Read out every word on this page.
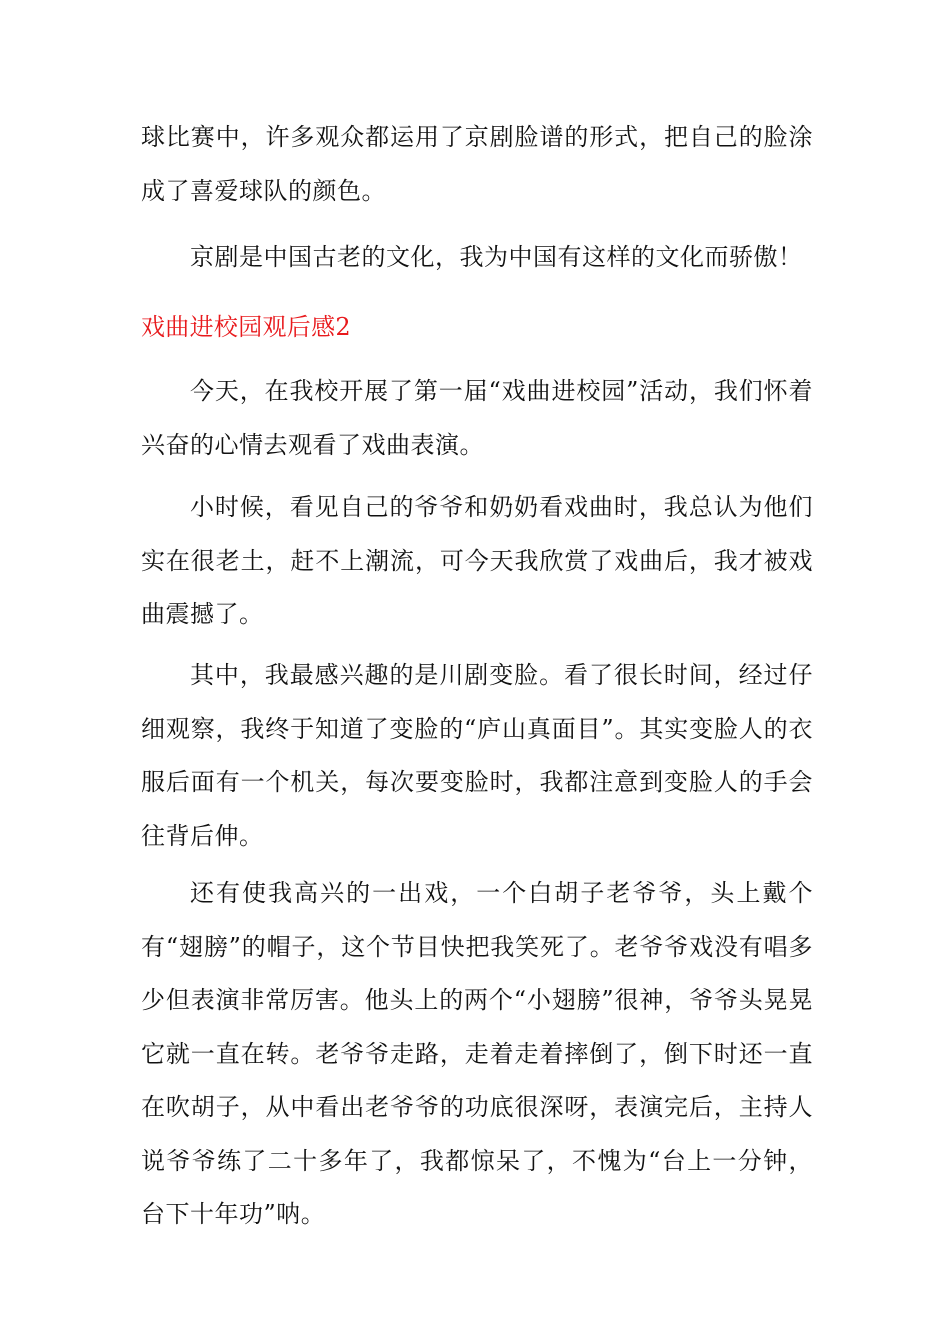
球比赛中，许多观众都运用了京剧脸谱的形式，把自己的脸涂成了喜爱球队的颜色。

京剧是中国古老的文化，我为中国有这样的文化而骄傲！

戏曲进校园观后感2

今天，在我校开展了第一届“戏曲进校园”活动，我们怀着兴奋的心情去观看了戏曲表演。

小时候，看见自己的爷爷和奶奶看戏曲时，我总认为他们实在很老土，赶不上潮流，可今天我欣赏了戏曲后，我才被戏曲震撼了。

其中，我最感兴趣的是川剧变脸。看了很长时间，经过仔细观察，我终于知道了变脸的“庐山真面目”。其实变脸人的衣服后面有一个机关，每次要变脸时，我都注意到变脸人的手会往背后伸。

还有使我高兴的一出戏，一个白胡子老爷爷，头上戴个有“翅膀”的帽子，这个节目快把我笑死了。老爷爷戏没有唱多少但表演非常厉害。他头上的两个“小翅膀”很神，爷爷头晃晃它就一直在转。老爷爷走路，走着走着摔倒了，倒下时还一直在吹胡子，从中看出老爷爷的功底很深呀，表演完后，主持人说爷爷练了二十多年了，我都惊呆了，不愧为“台上一分钟，台下十年功”呐。
